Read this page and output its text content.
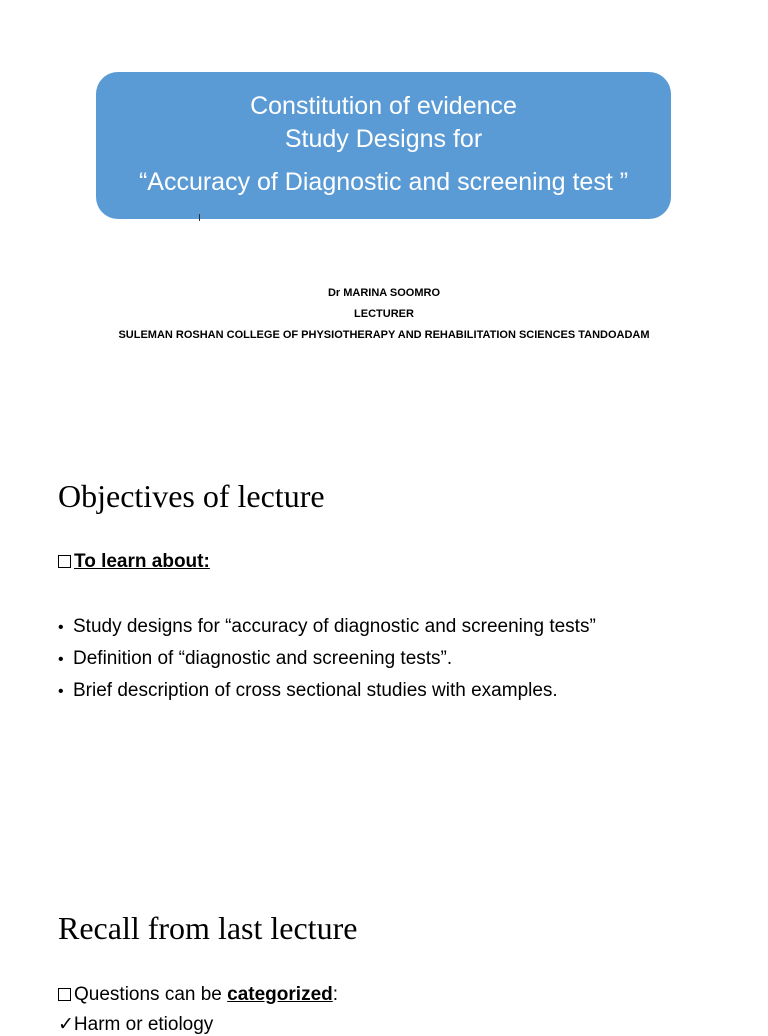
Constitution of evidence
Study Designs for
“Accuracy of Diagnostic and screening test ”
Dr MARINA SOOMRO
LECTURER
SULEMAN ROSHAN COLLEGE OF PHYSIOTHERAPY AND REHABILITATION SCIENCES TANDOADAM
Objectives of lecture
To learn about:
• Study designs for “accuracy of diagnostic and screening tests”
• Definition of “diagnostic and screening tests”.
• Brief description of cross sectional studies with examples.
Recall from last lecture
Questions can be categorized:
✓Harm or etiology
